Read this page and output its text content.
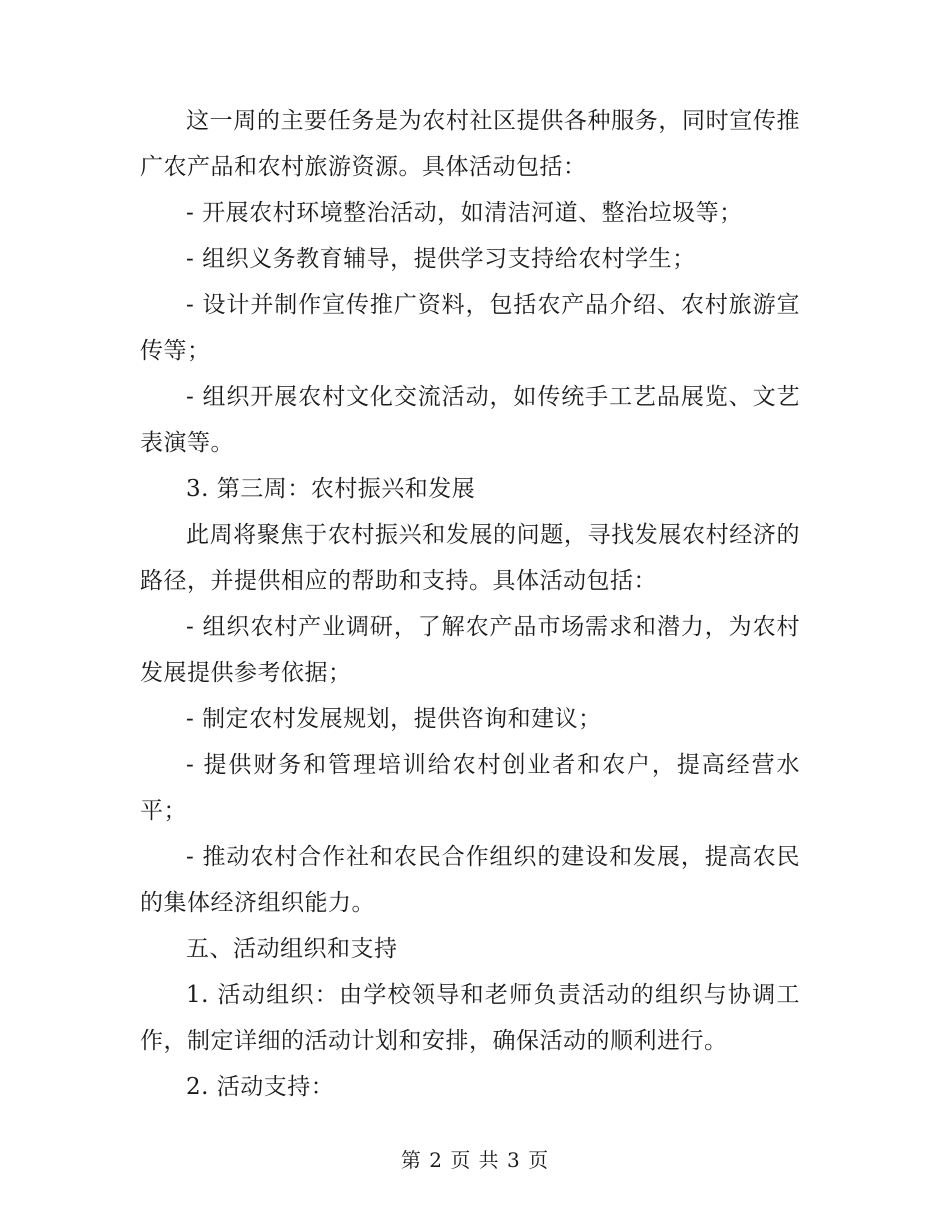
这一周的主要任务是为农村社区提供各种服务，同时宣传推广农产品和农村旅游资源。具体活动包括：

- 开展农村环境整治活动，如清洁河道、整治垃圾等；

- 组织义务教育辅导，提供学习支持给农村学生；

- 设计并制作宣传推广资料，包括农产品介绍、农村旅游宣传等；

- 组织开展农村文化交流活动，如传统手工艺品展览、文艺表演等。

3. 第三周：农村振兴和发展

此周将聚焦于农村振兴和发展的问题，寻找发展农村经济的路径，并提供相应的帮助和支持。具体活动包括：

- 组织农村产业调研，了解农产品市场需求和潜力，为农村发展提供参考依据；

- 制定农村发展规划，提供咨询和建议；

- 提供财务和管理培训给农村创业者和农户，提高经营水平；

- 推动农村合作社和农民合作组织的建设和发展，提高农民的集体经济组织能力。

五、活动组织和支持

1. 活动组织：由学校领导和老师负责活动的组织与协调工作，制定详细的活动计划和安排，确保活动的顺利进行。

2. 活动支持：

第 2 页 共 3 页
